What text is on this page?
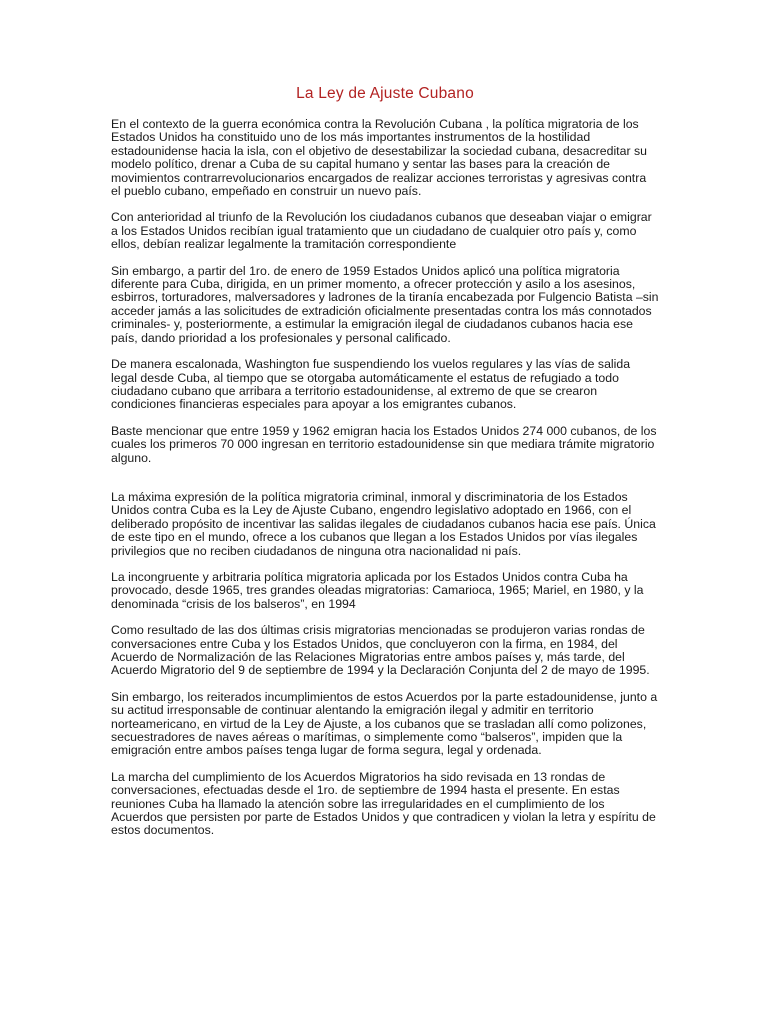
La Ley de Ajuste Cubano

En el contexto de la guerra económica contra la Revolución Cubana , la política migratoria de los Estados Unidos ha constituido uno de los más importantes instrumentos de la hostilidad estadounidense hacia la isla, con el objetivo de desestabilizar la sociedad cubana, desacreditar su modelo político, drenar a Cuba de su capital humano y sentar las bases para la creación de movimientos contrarrevolucionarios encargados de realizar acciones terroristas y agresivas contra el pueblo cubano, empeñado en construir un nuevo país.

Con anterioridad al triunfo de la Revolución los ciudadanos cubanos que deseaban viajar o emigrar a los Estados Unidos recibían igual tratamiento que un ciudadano de cualquier otro país y, como ellos, debían realizar legalmente la tramitación correspondiente

Sin embargo, a partir del 1ro. de enero de 1959 Estados Unidos aplicó una política migratoria diferente para Cuba, dirigida, en un primer momento, a ofrecer protección y asilo a los asesinos, esbirros, torturadores, malversadores y ladrones de la tiranía encabezada por Fulgencio Batista –sin acceder jamás a las solicitudes de extradición oficialmente presentadas contra los más connotados criminales- y, posteriormente, a estimular la emigración ilegal de ciudadanos cubanos hacia ese país, dando prioridad a los profesionales y personal calificado.

De manera escalonada, Washington fue suspendiendo los vuelos regulares y las vías de salida legal desde Cuba, al tiempo que se otorgaba automáticamente el estatus de refugiado a todo ciudadano cubano que arribara a territorio estadounidense, al extremo de que se crearon condiciones financieras especiales para apoyar a los emigrantes cubanos.

Baste mencionar que entre 1959 y 1962 emigran hacia los Estados Unidos 274 000 cubanos, de los cuales los primeros 70 000 ingresan en territorio estadounidense sin que mediara trámite migratorio alguno.

La máxima expresión de la política migratoria criminal, inmoral y discriminatoria de los Estados Unidos contra Cuba es la Ley de Ajuste Cubano, engendro legislativo adoptado en 1966, con el deliberado propósito de incentivar las salidas ilegales de ciudadanos cubanos hacia ese país. Única de este tipo en el mundo, ofrece a los cubanos que llegan a los Estados Unidos por vías ilegales privilegios que no reciben ciudadanos de ninguna otra nacionalidad ni país.

La incongruente y arbitraria política migratoria aplicada por los Estados Unidos contra Cuba ha provocado, desde 1965, tres grandes oleadas migratorias: Camarioca, 1965; Mariel, en 1980, y la denominada “crisis de los balseros”, en 1994

Como resultado de las dos últimas crisis migratorias mencionadas se produjeron varias rondas de conversaciones entre Cuba y los Estados Unidos, que concluyeron con la firma, en 1984, del Acuerdo de Normalización de las Relaciones Migratorias entre ambos países y, más tarde, del Acuerdo Migratorio del 9 de septiembre de 1994 y la Declaración Conjunta del 2 de mayo de 1995.

Sin embargo, los reiterados incumplimientos de estos Acuerdos por la parte estadounidense, junto a su actitud irresponsable de continuar alentando la emigración ilegal y admitir en territorio norteamericano, en virtud de la Ley de Ajuste, a los cubanos que se trasladan allí como polizones, secuestradores de naves aéreas o marítimas, o simplemente como “balseros”, impiden que la emigración entre ambos países tenga lugar de forma segura, legal y ordenada.

La marcha del cumplimiento de los Acuerdos Migratorios ha sido revisada en 13 rondas de conversaciones, efectuadas desde el 1ro. de septiembre de 1994 hasta el presente. En estas reuniones Cuba ha llamado la atención sobre las irregularidades en el cumplimiento de los Acuerdos que persisten por parte de Estados Unidos y que contradicen y violan la letra y espíritu de estos documentos.
